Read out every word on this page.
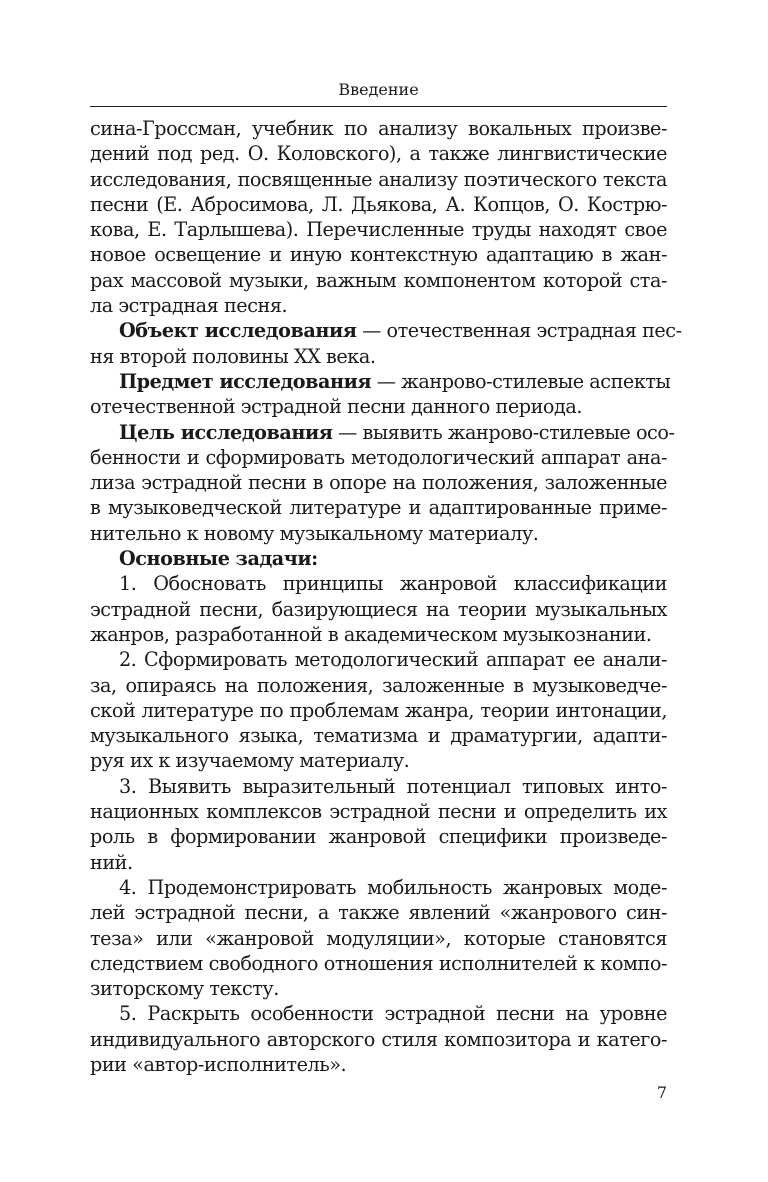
Введение
сина-Гроссман, учебник по анализу вокальных произве-
дений под ред. О. Коловского), а также лингвистические
исследования, посвященные анализу поэтического текста
песни (Е. Абросимова, Л. Дьякова, А. Копцов, О. Кострю-
кова, Е. Тарлышева). Перечисленные труды находят свое
новое освещение и иную контекстную адаптацию в жан-
рах массовой музыки, важным компонентом которой ста-
ла эстрадная песня.
Объект исследования — отечественная эстрадная пес-
ня второй половины XX века.
Предмет исследования — жанрово-стилевые аспекты
отечественной эстрадной песни данного периода.
Цель исследования — выявить жанрово-стилевые осо-
бенности и сформировать методологический аппарат ана-
лиза эстрадной песни в опоре на положения, заложенные
в музыковедческой литературе и адаптированные приме-
нительно к новому музыкальному материалу.
Основные задачи:
1. Обосновать принципы жанровой классификации
эстрадной песни, базирующиеся на теории музыкальных
жанров, разработанной в академическом музыкознании.
2. Сформировать методологический аппарат ее анали-
за, опираясь на положения, заложенные в музыковедче-
ской литературе по проблемам жанра, теории интонации,
музыкального языка, тематизма и драматургии, адапти-
руя их к изучаемому материалу.
3. Выявить выразительный потенциал типовых инто-
национных комплексов эстрадной песни и определить их
роль в формировании жанровой специфики произведе-
ний.
4. Продемонстрировать мобильность жанровых моде-
лей эстрадной песни, а также явлений «жанрового син-
теза» или «жанровой модуляции», которые становятся
следствием свободного отношения исполнителей к компо-
зиторскому тексту.
5. Раскрыть особенности эстрадной песни на уровне
индивидуального авторского стиля композитора и катего-
рии «автор-исполнитель».
7
